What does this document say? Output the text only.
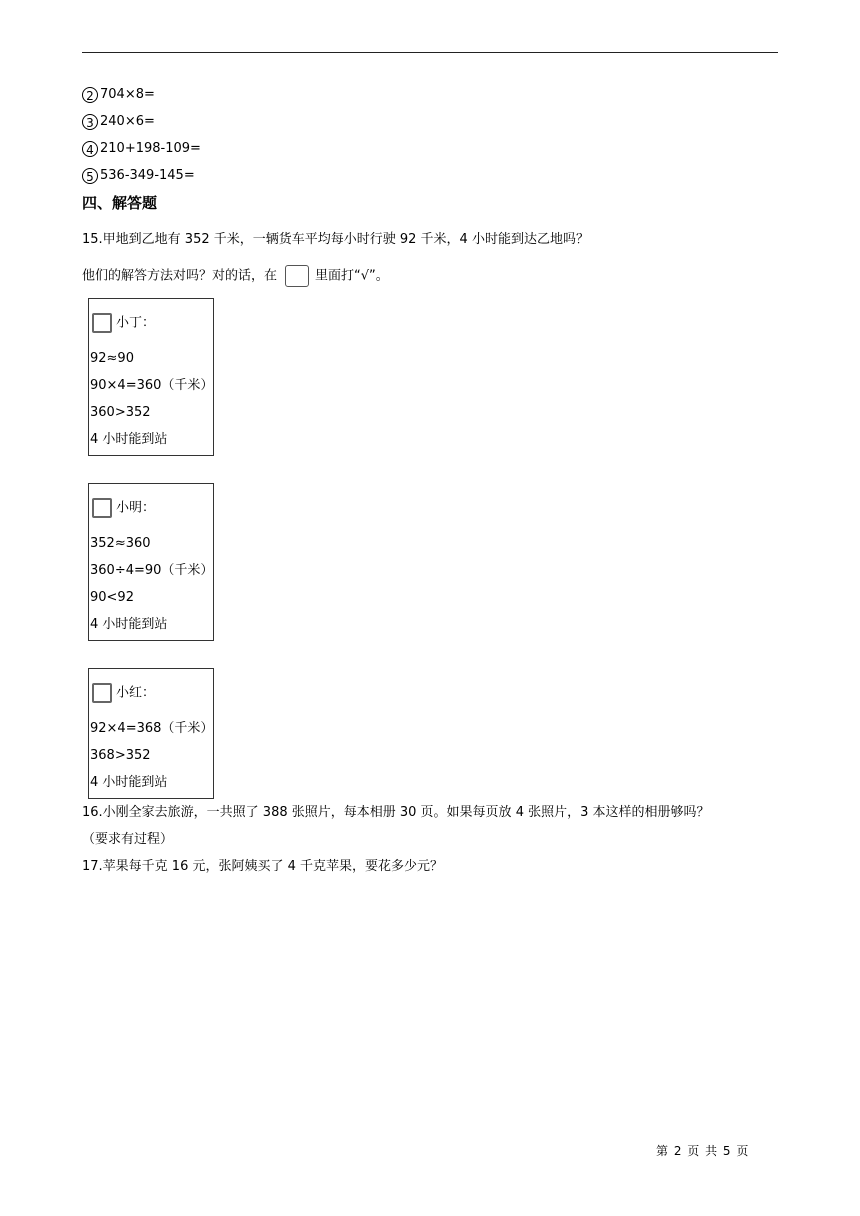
2 704×8=
3 240×6=
4 210+198-109=
5 536-349-145=
四、解答题
15.甲地到乙地有 352 千米，一辆货车平均每小时行驶 92 千米，4 小时能到达乙地吗？
他们的解答方法对吗？对的话，在	里面打“√”。
小丁：
92≈90
90×4=360（千米）
360>352
4 小时能到站
小明：
352≈360
360÷4=90（千米）
90<92
4 小时能到站
小红：
92×4=368（千米）
368>352
4 小时能到站
16.小刚全家去旅游，一共照了 388 张照片，每本相册 30 页。如果每页放 4 张照片，3 本这样的相册够吗？
（要求有过程）
17.苹果每千克 16 元，张阿姨买了 4 千克苹果，要花多少元？
第 2 页 共 5 页
